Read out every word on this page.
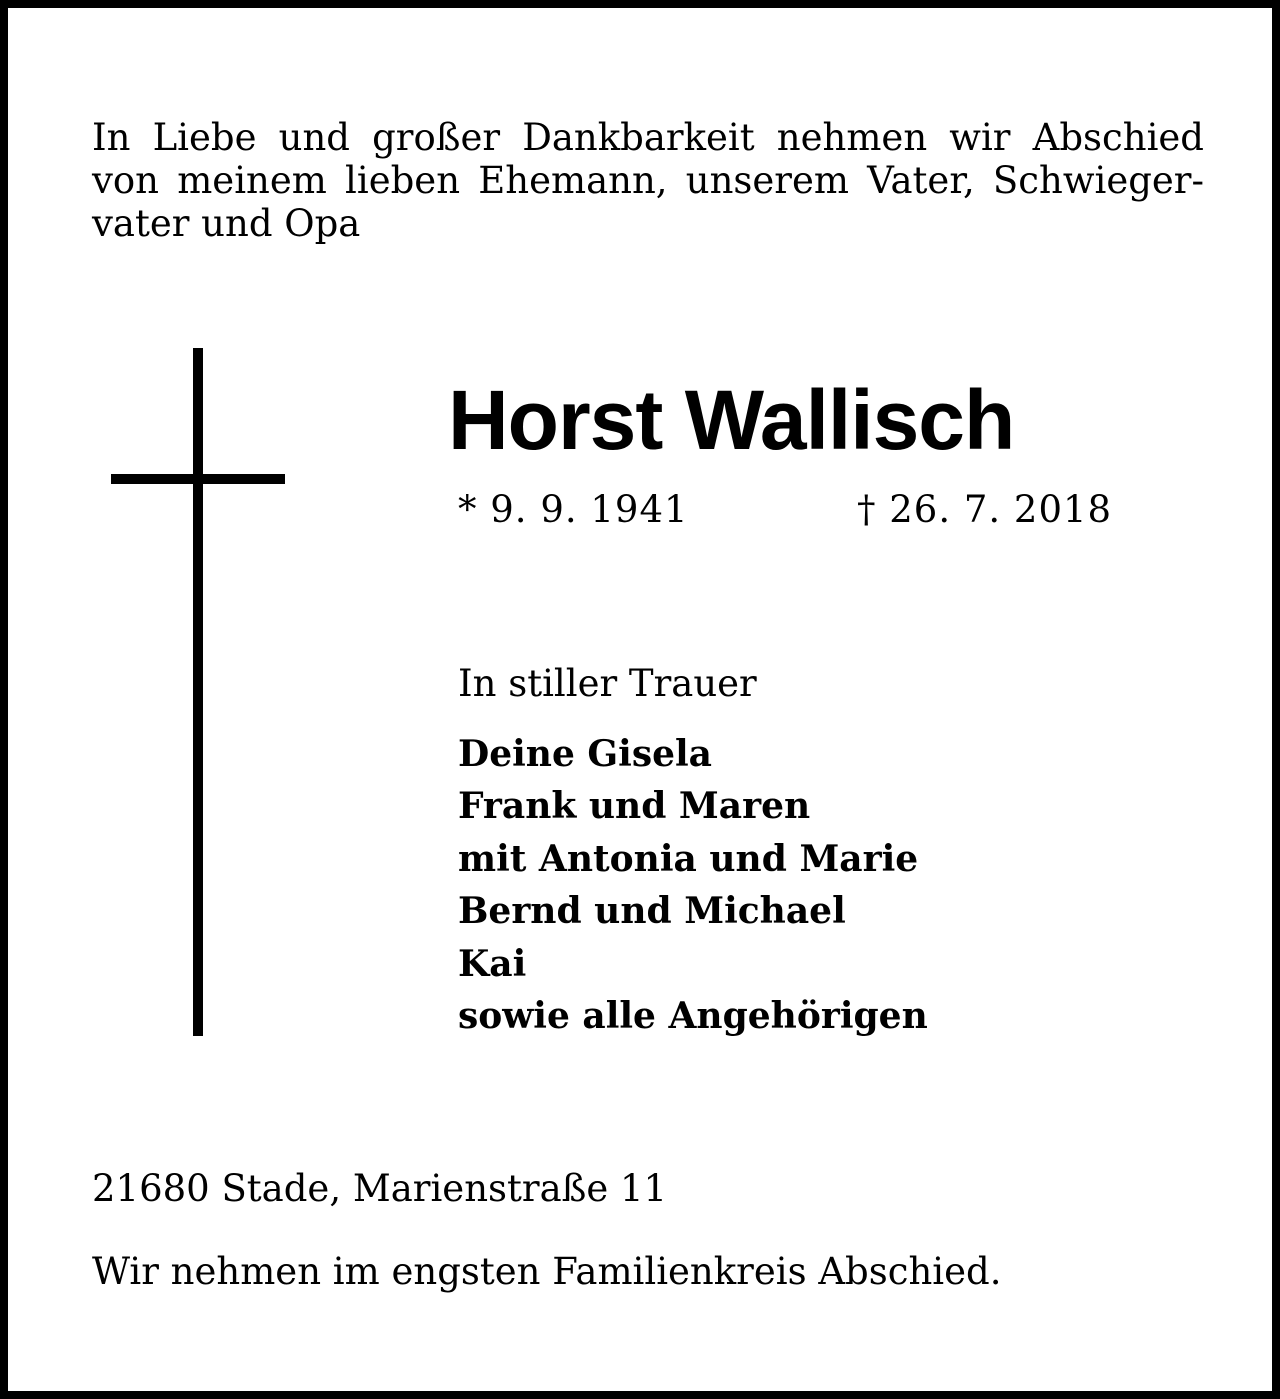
In Liebe und großer Dankbarkeit nehmen wir Abschied
von meinem lieben Ehemann, unserem Vater, Schwieger-
vater und Opa

Horst Wallisch
* 9. 9. 1941	† 26. 7. 2018
In stiller Trauer
Deine Gisela
Frank und Maren
mit Antonia und Marie
Bernd und Michael
Kai
sowie alle Angehörigen
21680 Stade, Marienstraße 11
Wir nehmen im engsten Familienkreis Abschied.
